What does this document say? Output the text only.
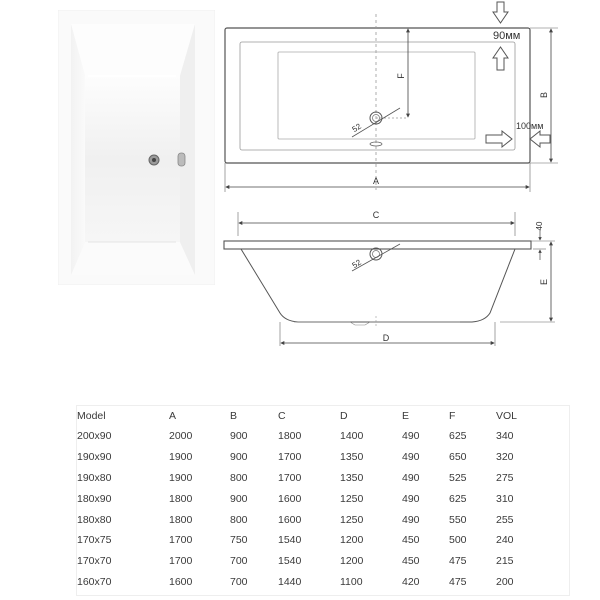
A
B
F
52
90мм
100мм
C
D
E
40
52
Model	A	B	C	D	E	F	VOL
200x90	2000	900	1800	1400	490	625	340
190x90	1900	900	1700	1350	490	650	320
190x80	1900	800	1700	1350	490	525	275
180x90	1800	900	1600	1250	490	625	310
180x80	1800	800	1600	1250	490	550	255
170x75	1700	750	1540	1200	450	500	240
170x70	1700	700	1540	1200	450	475	215
160x70	1600	700	1440	1100	420	475	200
